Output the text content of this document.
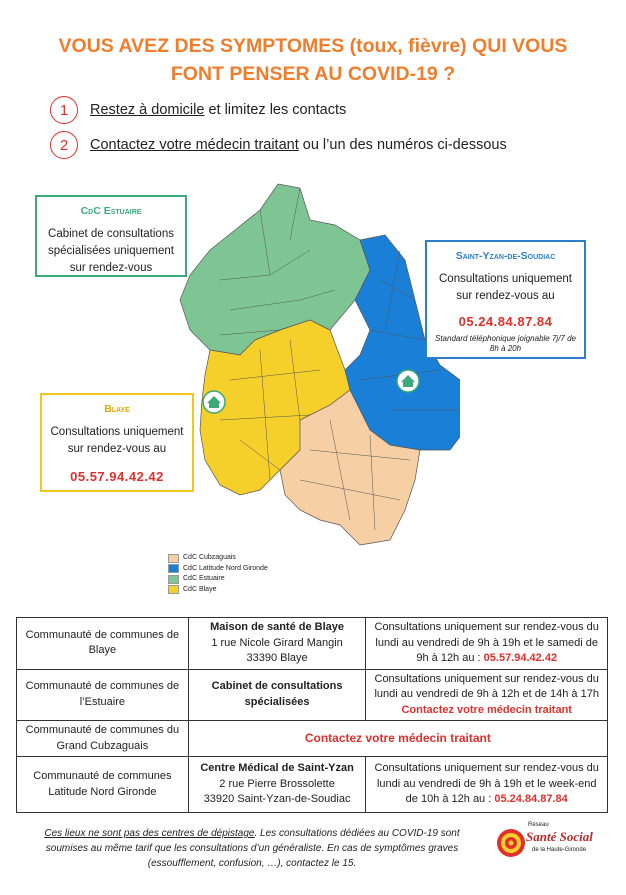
VOUS AVEZ DES SYMPTOMES (toux, fièvre) QUI VOUS
FONT PENSER AU COVID-19 ?
1	Restez à domicile et limitez les contacts
2	Contactez votre médecin traitant ou l’un des numéros ci-dessous
CdC Estuaire
Cabinet de consultations spécialisées uniquement sur rendez-vous
Saint-Yzan-de-Soudiac
Consultations uniquement sur rendez-vous au
05.24.84.87.84
Standard téléphonique joignable 7j/7 de 8h à 20h
Blaye
Consultations uniquement sur rendez-vous au
05.57.94.42.42
CdC Cubzaguais
CdC Latitude Nord Gironde
CdC Estuaire
CdC Blaye
Communauté de communes de Blaye	Maison de santé de Blaye
1 rue Nicole Girard Mangin
33390 Blaye	Consultations uniquement sur rendez-vous du lundi au vendredi de 9h à 19h et le samedi de 9h à 12h au : 05.57.94.42.42
Communauté de communes de l’Estuaire	Cabinet de consultations spécialisées	Consultations uniquement sur rendez-vous du lundi au vendredi de 9h à 12h et de 14h à 17h
Contactez votre médecin traitant
Communauté de communes du Grand Cubzaguais	Contactez votre médecin traitant	
Communauté de communes Latitude Nord Gironde	Centre Médical de Saint-Yzan
2 rue Pierre Brossolette
33920 Saint-Yzan-de-Soudiac	Consultations uniquement sur rendez-vous du lundi au vendredi de 9h à 19h et le week-end de 10h à 12h au : 05.24.84.87.84
Ces lieux ne sont pas des centres de dépistage. Les consultations dédiées au COVID-19 sont soumises au même tarif que les consultations d’un généraliste. En cas de symptômes graves (essoufflement, confusion, …), contactez le 15.
Réseau
Santé Social
de la Haute-Gironde
